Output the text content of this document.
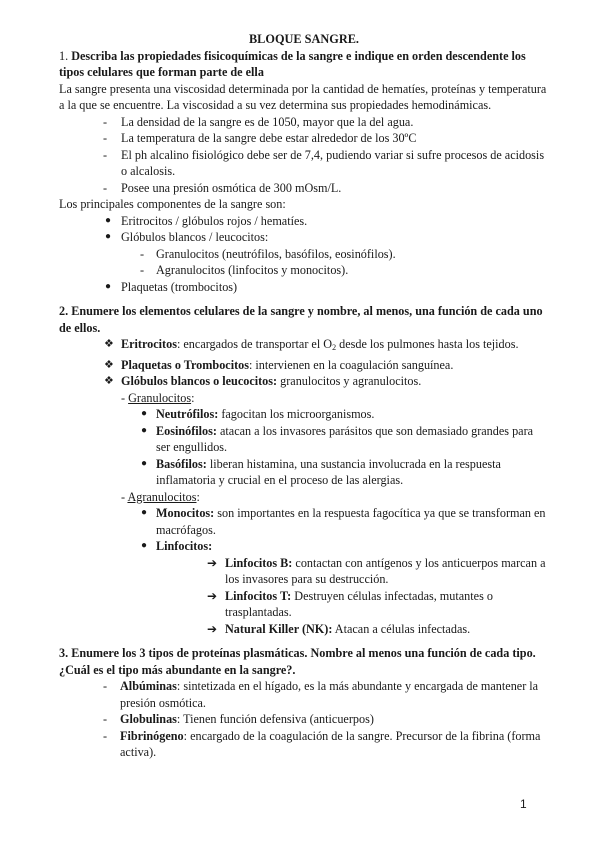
BLOQUE SANGRE.

1. Describa las propiedades fisicoquímicas de la sangre e indique en orden descendente los tipos celulares que forman parte de ella

La sangre presenta una viscosidad determinada por la cantidad de hematíes, proteínas y temperatura a la que se encuentre. La viscosidad a su vez determina sus propiedades hemodinámicas.

- La densidad de la sangre es de 1050, mayor que la del agua.
- La temperatura de la sangre debe estar alrededor de los 30ºC
- El ph alcalino fisiológico debe ser de 7,4, pudiendo variar si sufre procesos de acidosis o alcalosis.
- Posee una presión osmótica de 300 mOsm/L.

Los principales componentes de la sangre son:

● Eritrocitos / glóbulos rojos / hematíes.
● Glóbulos blancos / leucocitos:
- Granulocitos (neutrófilos, basófilos, eosinófilos).
- Agranulocitos (linfocitos y monocitos).
● Plaquetas (trombocitos)

2. Enumere los elementos celulares de la sangre y nombre, al menos, una función de cada uno de ellos.

❖ Eritrocitos: encargados de transportar el $O_2$ desde los pulmones hasta los tejidos.
❖ Plaquetas o Trombocitos: intervienen en la coagulación sanguínea.
❖ Glóbulos blancos o leucocitos: granulocitos y agranulocitos.

- Granulocitos:

● Neutrófilos: fagocitan los microorganismos.
● Eosinófilos: atacan a los invasores parásitos que son demasiado grandes para ser engullidos.
● Basófilos: liberan histamina, una sustancia involucrada en la respuesta inflamatoria y crucial en el proceso de las alergias.

- Agranulocitos:

● Monocitos: son importantes en la respuesta fagocítica ya que se transforman en macrófagos.
● Linfocitos:
➔ Linfocitos B: contactan con antígenos y los anticuerpos marcan a los invasores para su destrucción.
➔ Linfocitos T: Destruyen células infectadas, mutantes o trasplantadas.
➔ Natural Killer (NK): Atacan a células infectadas.

3. Enumere los 3 tipos de proteínas plasmáticas. Nombre al menos una función de cada tipo. ¿Cuál es el tipo más abundante en la sangre?.

- Albúminas: sintetizada en el hígado, es la más abundante y encargada de mantener la presión osmótica.
- Globulinas: Tienen función defensiva (anticuerpos)
- Fibrinógeno: encargado de la coagulación de la sangre. Precursor de la fibrina (forma activa).
1
